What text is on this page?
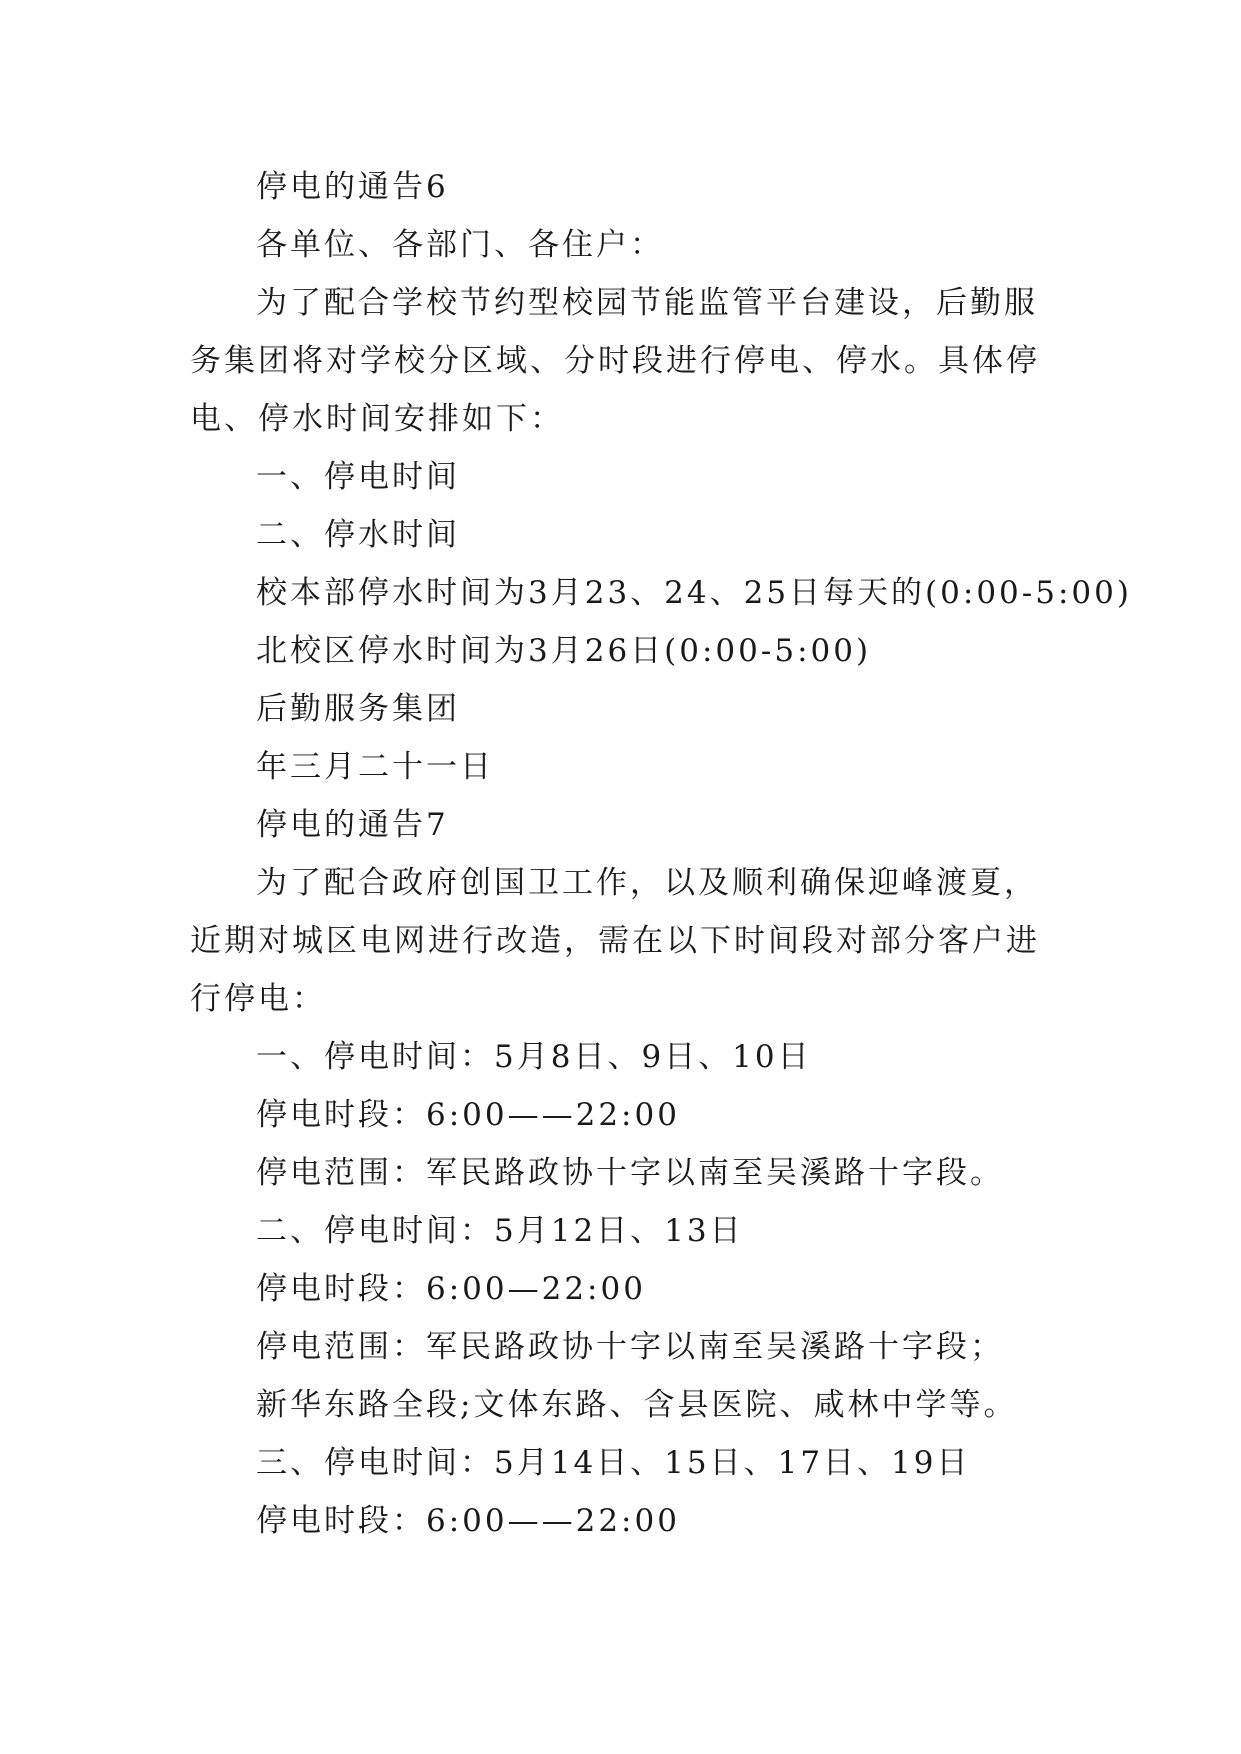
停电的通告6
各单位、各部门、各住户：
为了配合学校节约型校园节能监管平台建设，后勤服务集团将对学校分区域、分时段进行停电、停水。具体停电、停水时间安排如下：
一、停电时间
二、停水时间
校本部停水时间为3月23、24、25日每天的(0:00-5:00)
北校区停水时间为3月26日(0:00-5:00)
后勤服务集团
年三月二十一日
停电的通告7
为了配合政府创国卫工作，以及顺利确保迎峰渡夏，近期对城区电网进行改造，需在以下时间段对部分客户进行停电：
一、停电时间：5月8日、9日、10日
停电时段：6:00——22:00
停电范围：军民路政协十字以南至吴溪路十字段。
二、停电时间：5月12日、13日
停电时段：6:00—22:00
停电范围：军民路政协十字以南至吴溪路十字段；
新华东路全段;文体东路、含县医院、咸林中学等。
三、停电时间：5月14日、15日、17日、19日
停电时段：6:00——22:00
